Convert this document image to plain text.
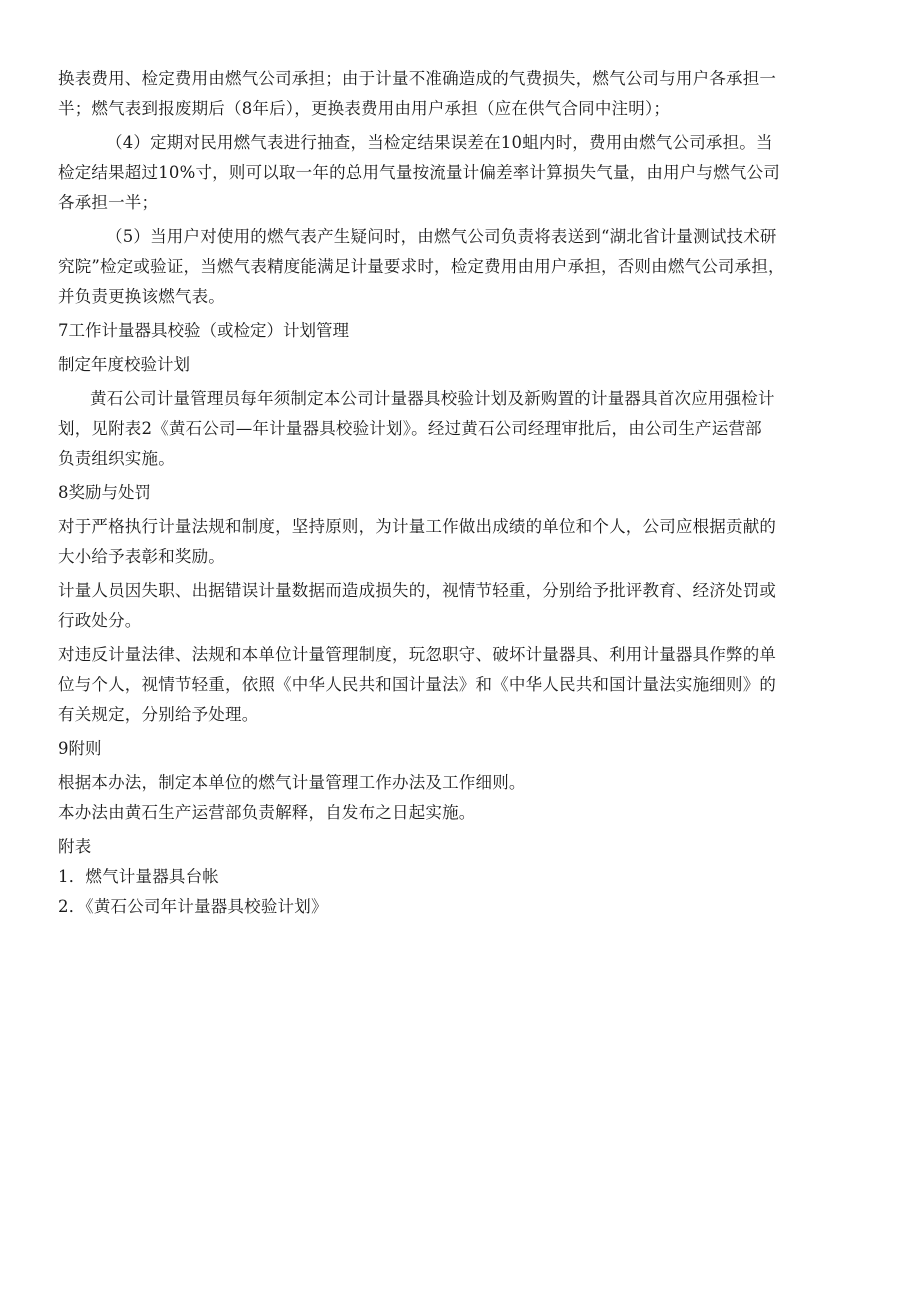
换表费用、检定费用由燃气公司承担；由于计量不准确造成的气费损失，燃气公司与用户各承担一
半；燃气表到报废期后（8年后），更换表费用由用户承担（应在供气合同中注明）；
（4）定期对民用燃气表进行抽查，当检定结果误差在10蛆内时，费用由燃气公司承担。当
检定结果超过10%寸，则可以取一年的总用气量按流量计偏差率计算损失气量，由用户与燃气公司
各承担一半；
（5）当用户对使用的燃气表产生疑问时，由燃气公司负责将表送到“湖北省计量测试技术研
究院”检定或验证，当燃气表精度能满足计量要求时，检定费用由用户承担，否则由燃气公司承担，
并负责更换该燃气表。
7工作计量器具校验（或检定）计划管理
制定年度校验计划
黄石公司计量管理员每年须制定本公司计量器具校验计划及新购置的计量器具首次应用强检计
划，见附表2《黄石公司—年计量器具校验计划》。经过黄石公司经理审批后，由公司生产运营部
负责组织实施。
8奖励与处罚
对于严格执行计量法规和制度，坚持原则，为计量工作做出成绩的单位和个人，公司应根据贡献的
大小给予表彰和奖励。
计量人员因失职、出据错误计量数据而造成损失的，视情节轻重，分别给予批评教育、经济处罚或
行政处分。
对违反计量法律、法规和本单位计量管理制度，玩忽职守、破坏计量器具、利用计量器具作弊的单
位与个人，视情节轻重，依照《中华人民共和国计量法》和《中华人民共和国计量法实施细则》的
有关规定，分别给予处理。
9附则
根据本办法，制定本单位的燃气计量管理工作办法及工作细则。
本办法由黄石生产运营部负责解释，自发布之日起实施。
附表
1．燃气计量器具台帐
2．《黄石公司年计量器具校验计划》
